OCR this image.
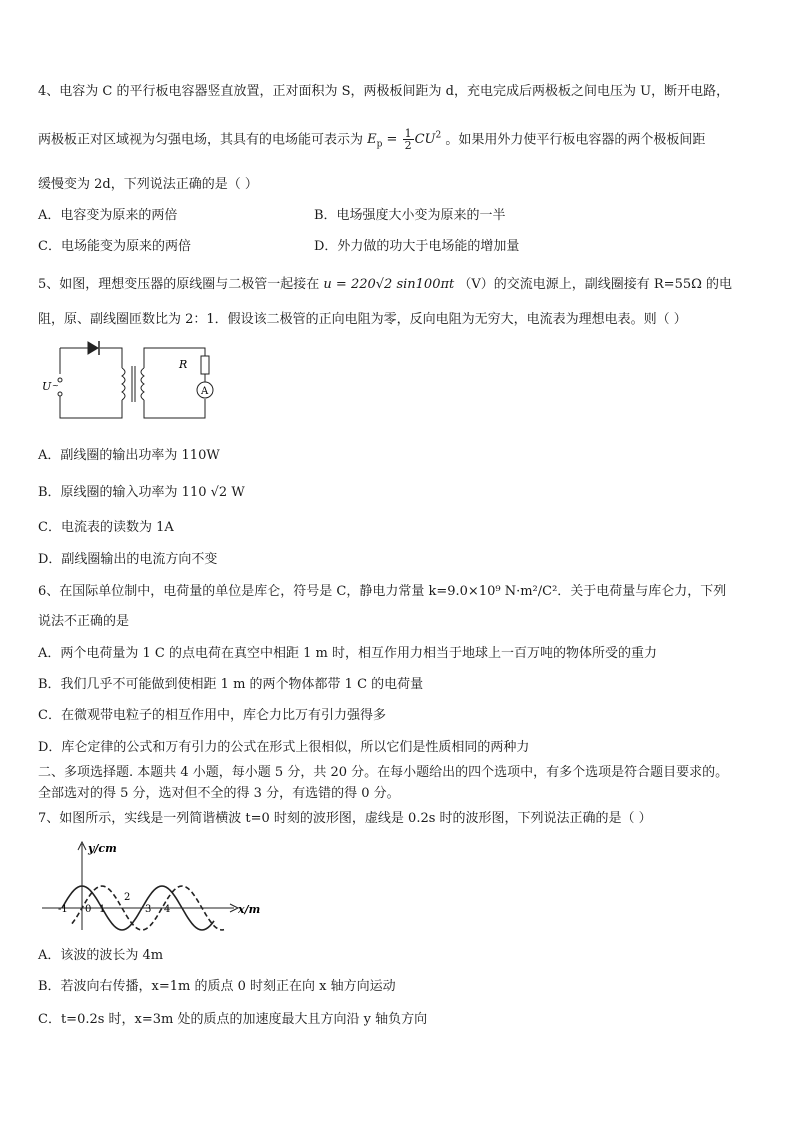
4、电容为 C 的平行板电容器竖直放置，正对面积为 S，两极板间距为 d，充电完成后两极板之间电压为 U，断开电路，
两极板正对区域视为匀强电场，其具有的电场能可表示为 $E_p = \frac{1}{2} CU^2$ 。如果用外力使平行板电容器的两个极板间距
缓慢变为 2d，下列说法正确的是（ ）
A．电容变为原来的两倍	B．电场强度大小变为原来的一半
C．电场能变为原来的两倍	D．外力做的功大于电场能的增加量
5、如图，理想变压器的原线圈与二极管一起接在 u = 220√2 sin100πt （V）的交流电源上，副线圈接有 R=55Ω 的电
阻，原、副线圈匝数比为 2：1．假设该二极管的正向电阻为零，反向电阻为无穷大，电流表为理想电表。则（ ）
U ~
R
A
A．副线圈的输出功率为 110W
B．原线圈的输入功率为 110 √2 W
C．电流表的读数为 1A
D．副线圈输出的电流方向不变
6、在国际单位制中，电荷量的单位是库仑，符号是 C，静电力常量 k=9.0×10⁹ N·m²/C²．关于电荷量与库仑力，下列
说法不正确的是
A．两个电荷量为 1 C 的点电荷在真空中相距 1 m 时，相互作用力相当于地球上一百万吨的物体所受的重力
B．我们几乎不可能做到使相距 1 m 的两个物体都带 1 C 的电荷量
C．在微观带电粒子的相互作用中，库仑力比万有引力强得多
D．库仑定律的公式和万有引力的公式在形式上很相似，所以它们是性质相同的两种力
二、多项选择题. 本题共 4 小题，每小题 5 分，共 20 分。在每小题给出的四个选项中，有多个选项是符合题目要求的。
全部选对的得 5 分，选对但不全的得 3 分，有选错的得 0 分。
7、如图所示，实线是一列简谐横波 t=0 时刻的波形图，虚线是 0.2s 时的波形图，下列说法正确的是（ ）
y/cm
x/m
-1 0 1
2
3 4
A．该波的波长为 4m
B．若波向右传播，x=1m 的质点 0 时刻正在向 x 轴方向运动
C．t=0.2s 时，x=3m 处的质点的加速度最大且方向沿 y 轴负方向
